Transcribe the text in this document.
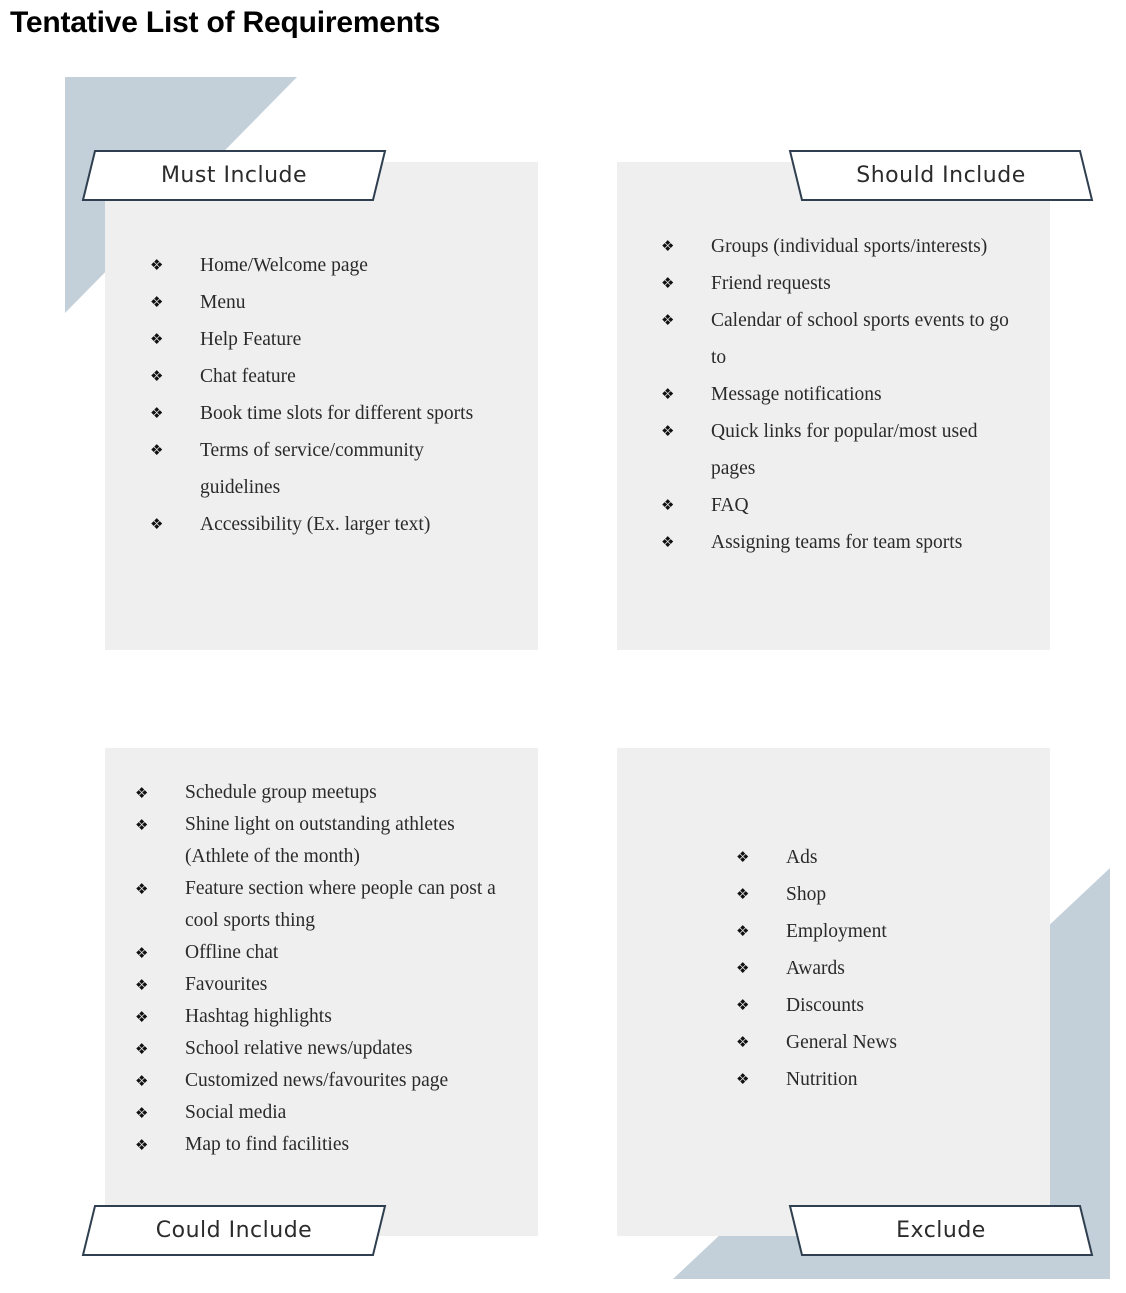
Tentative List of Requirements
Must Include
❖	Home/Welcome page
❖	Menu
❖	Help Feature
❖	Chat feature
❖	Book time slots for different sports
❖	Terms of service/community guidelines
❖	Accessibility (Ex. larger text)
Should Include
❖	Groups (individual sports/interests)
❖	Friend requests
❖	Calendar of school sports events to go to
❖	Message notifications
❖	Quick links for popular/most used pages
❖	FAQ
❖	Assigning teams for team sports
Could Include
❖	Schedule group meetups
❖	Shine light on outstanding athletes (Athlete of the month)
❖	Feature section where people can post a cool sports thing
❖	Offline chat
❖	Favourites
❖	Hashtag highlights
❖	School relative news/updates
❖	Customized news/favourites page
❖	Social media
❖	Map to find facilities
Exclude
❖	Ads
❖	Shop
❖	Employment
❖	Awards
❖	Discounts
❖	General News
❖	Nutrition
